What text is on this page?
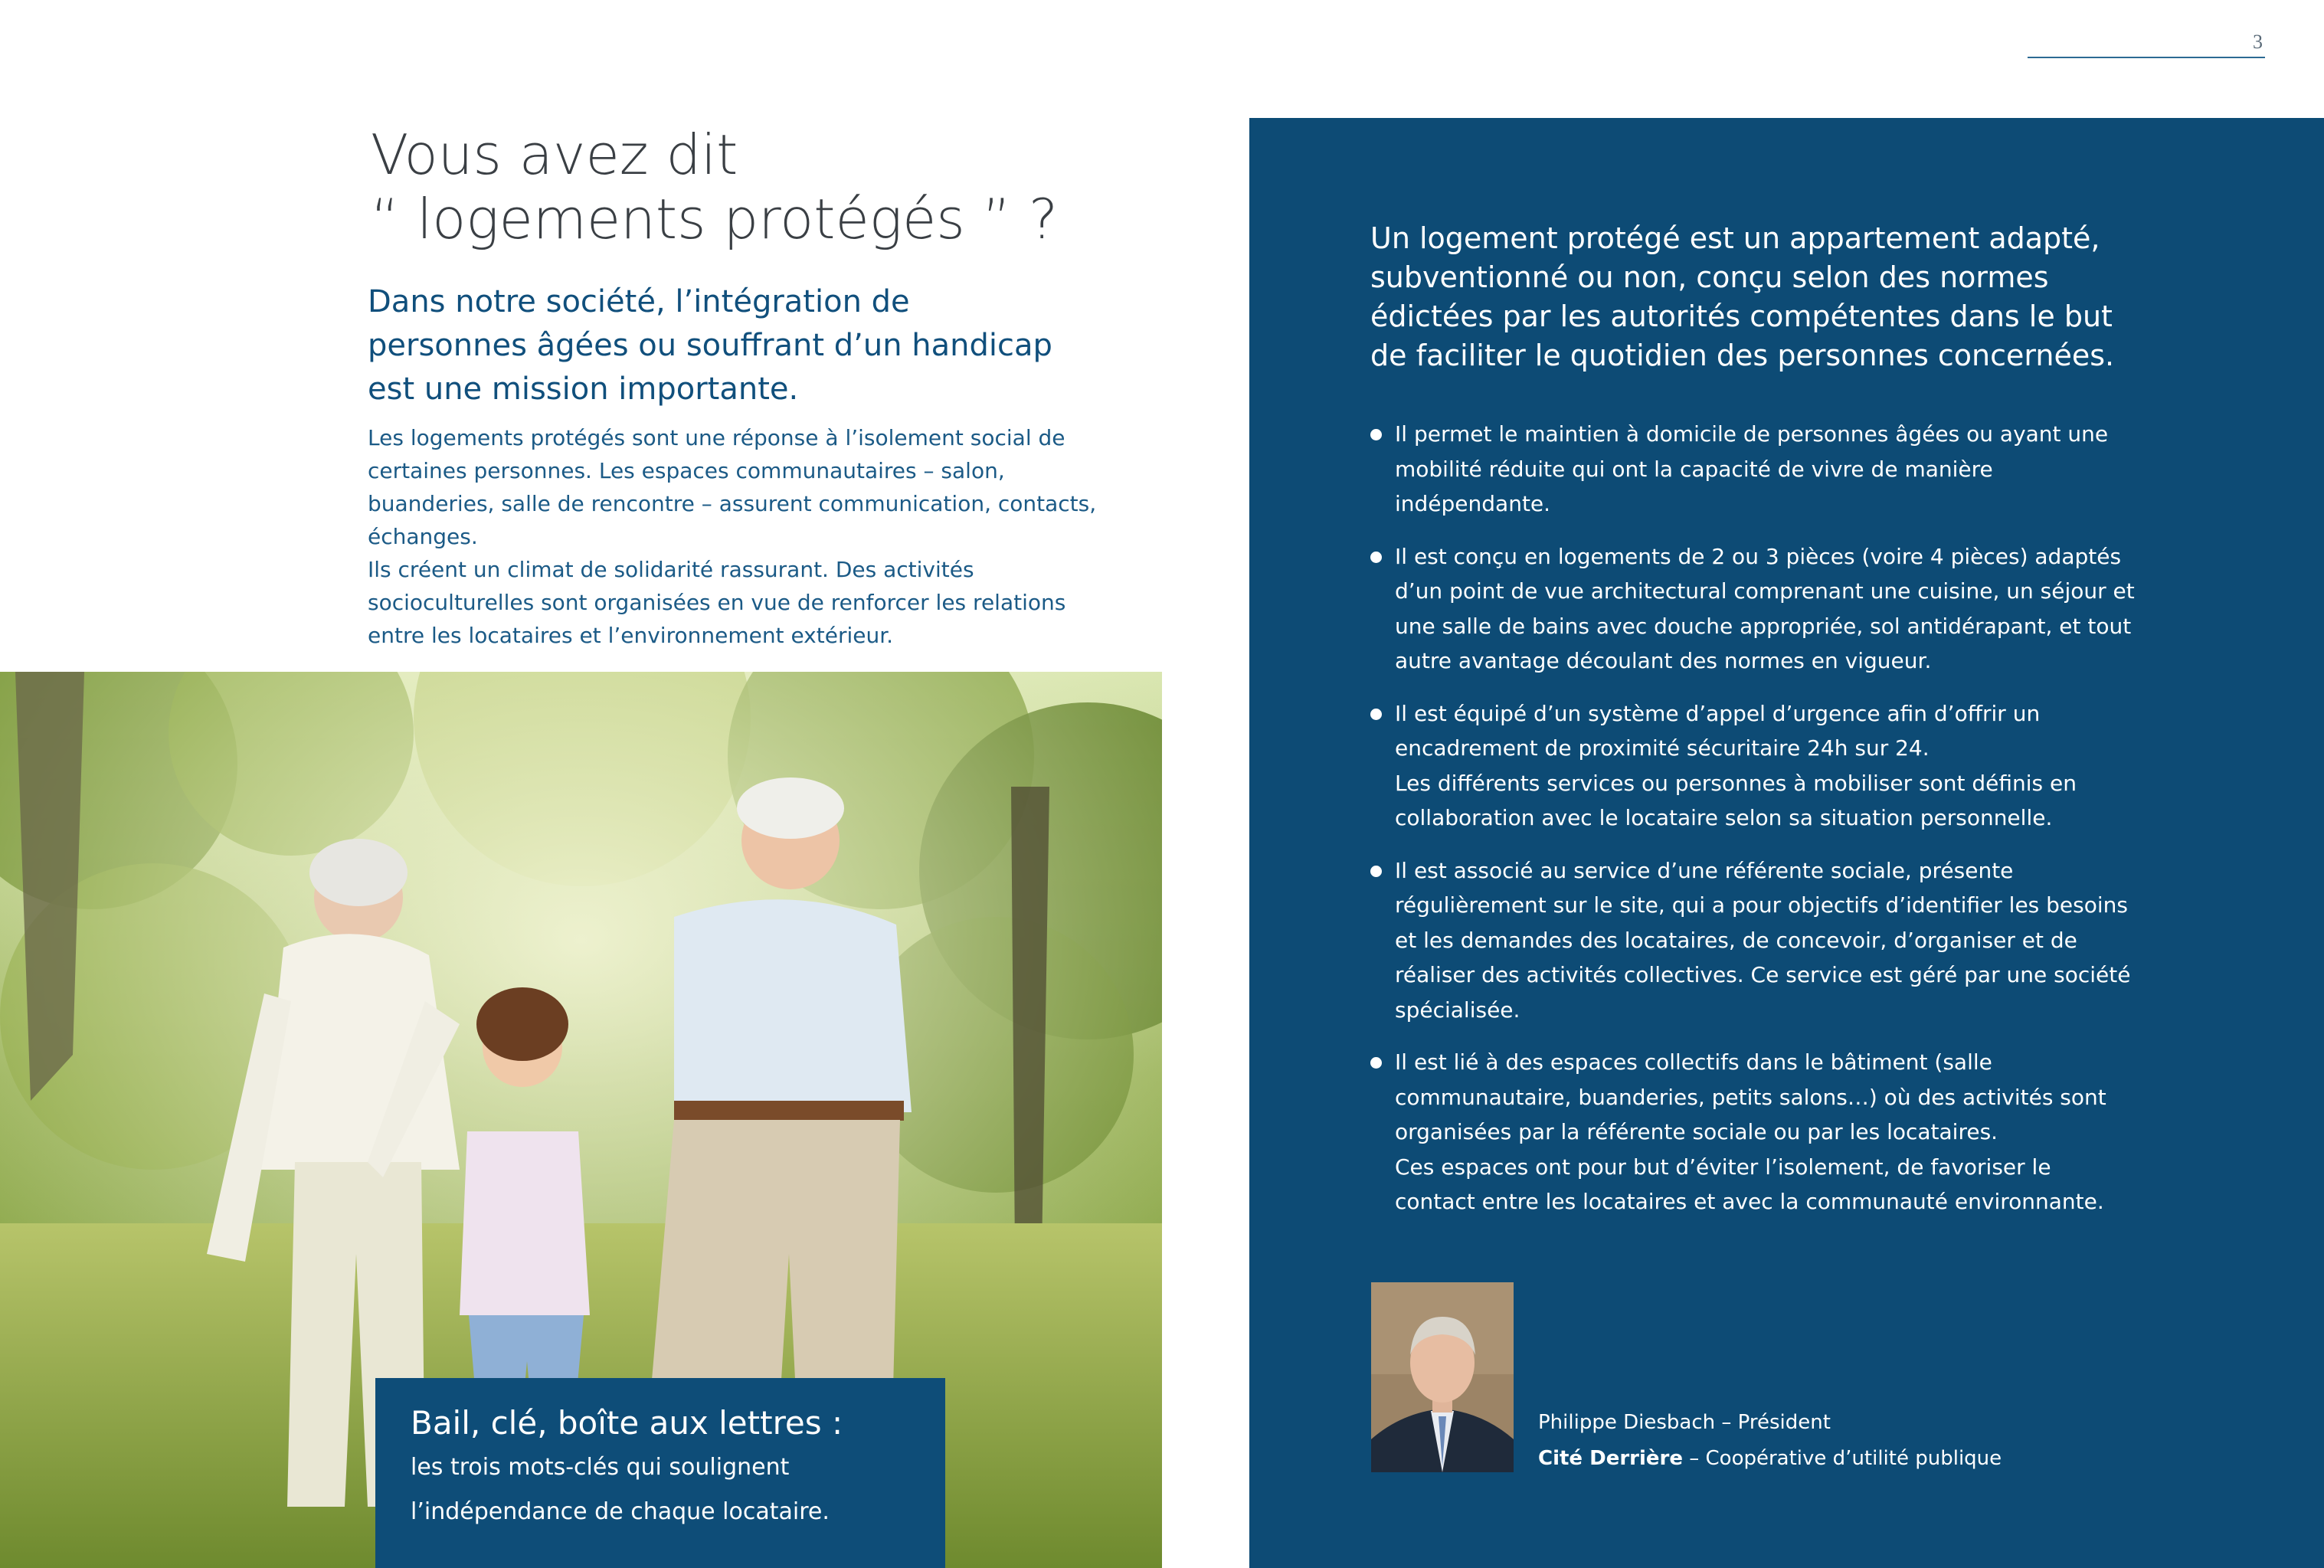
3
Vous avez dit
“ logements protégés ” ?

Dans notre société, l’intégration de personnes âgées ou souffrant d’un handicap est une mission importante.

Les logements protégés sont une réponse à l’isolement social de certaines personnes. Les espaces communautaires – salon, buanderies, salle de rencontre – assurent communication, contacts, échanges.

Ils créent un climat de solidarité rassurant. Des activités socioculturelles sont organisées en vue de renforcer les relations entre les locataires et l’environnement extérieur.

Bail, clé, boîte aux lettres :

les trois mots-clés qui soulignent l’indépendance de chaque locataire.

Un logement protégé est un appartement adapté, subventionné ou non, conçu selon des normes édictées par les autorités compétentes dans le but de faciliter le quotidien des personnes concernées.

Il permet le maintien à domicile de personnes âgées ou ayant une mobilité réduite qui ont la capacité de vivre de manière indépendante.

Il est conçu en logements de 2 ou 3 pièces (voire 4 pièces) adaptés d’un point de vue architectural comprenant une cuisine, un séjour et une salle de bains avec douche appropriée, sol antidérapant, et tout autre avantage découlant des normes en vigueur.

Il est équipé d’un système d’appel d’urgence afin d’offrir un encadrement de proximité sécuritaire 24h sur 24.

Les différents services ou personnes à mobiliser sont définis en collaboration avec le locataire selon sa situation personnelle.

Il est associé au service d’une référente sociale, présente régulièrement sur le site, qui a pour objectifs d’identifier les besoins et les demandes des locataires, de concevoir, d’organiser et de réaliser des activités collectives. Ce service est géré par une société spécialisée.

Il est lié à des espaces collectifs dans le bâtiment (salle communautaire, buanderies, petits salons…) où des activités sont organisées par la référente sociale ou par les locataires.

Ces espaces ont pour but d’éviter l’isolement, de favoriser le contact entre les locataires et avec la communauté environnante.

Philippe Diesbach – Président

Cité Derrière – Coopérative d’utilité publique
